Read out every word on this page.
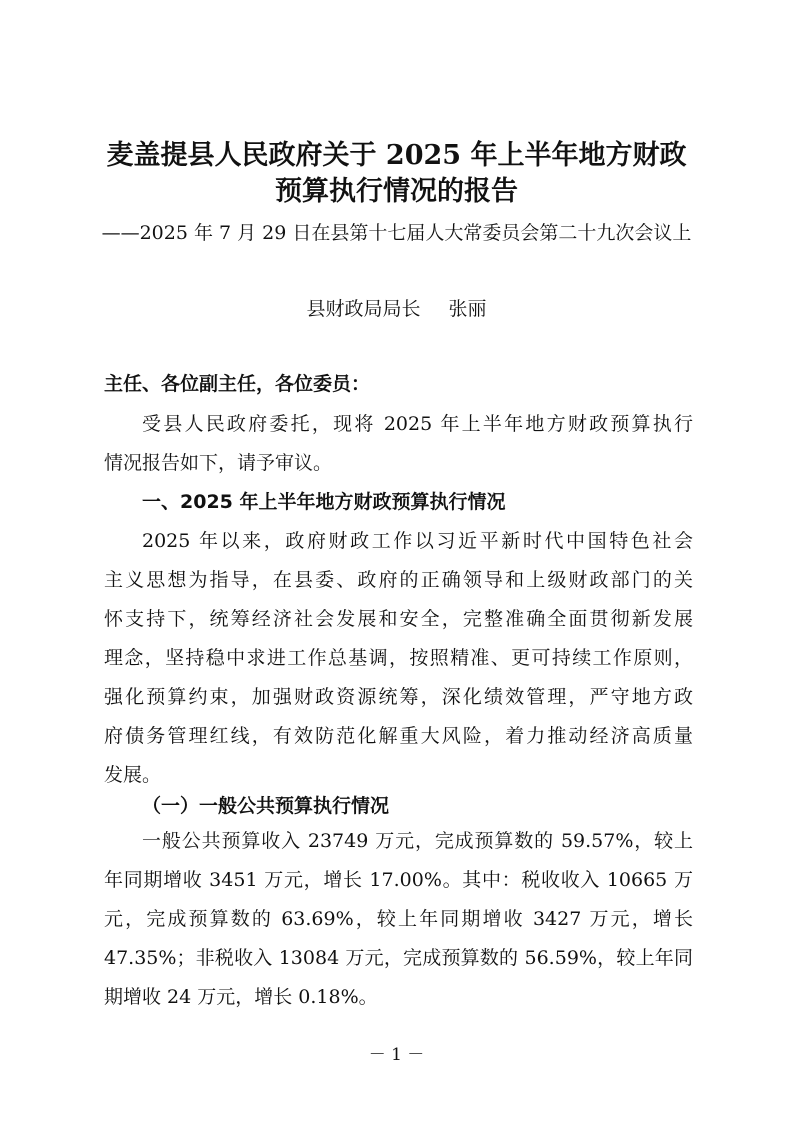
麦盖提县人民政府关于 2025 年上半年地方财政
预算执行情况的报告

——2025 年 7 月 29 日在县第十七届人大常委员会第二十九次会议上

县财政局局长 张丽
主任、各位副主任，各位委员：
受县人民政府委托，现将 2025 年上半年地方财政预算执行
情况报告如下，请予审议。
一、2025 年上半年地方财政预算执行情况
2025 年以来，政府财政工作以习近平新时代中国特色社会
主义思想为指导，在县委、政府的正确领导和上级财政部门的关
怀支持下，统筹经济社会发展和安全，完整准确全面贯彻新发展
理念，坚持稳中求进工作总基调，按照精准、更可持续工作原则，
强化预算约束，加强财政资源统筹，深化绩效管理，严守地方政
府债务管理红线，有效防范化解重大风险，着力推动经济高质量
发展。
（一）一般公共预算执行情况
一般公共预算收入 23749 万元，完成预算数的 59.57%，较上
年同期增收 3451 万元，增长 17.00%。其中：税收收入 10665 万
元，完成预算数的 63.69%，较上年同期增收 3427 万元，增长
47.35%；非税收入 13084 万元，完成预算数的 56.59%，较上年同
期增收 24 万元，增长 0.18%。
－ 1 －
